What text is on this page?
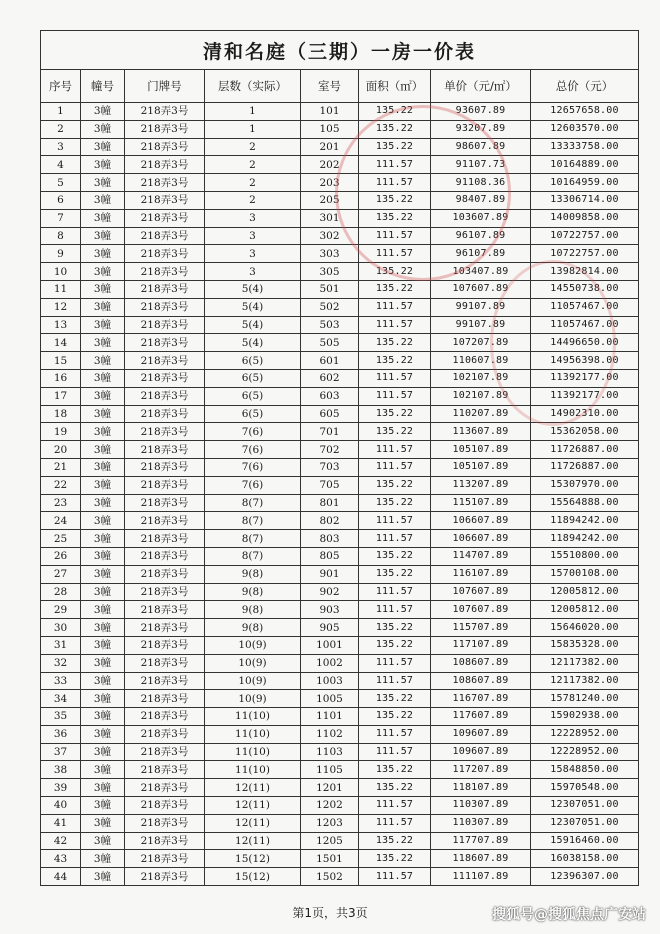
清和名庭（三期）一房一价表							
序号	幢号	门牌号	层数（实际）	室号	面积（㎡）	单价（元/㎡）	总价（元）
1	3幢	218弄3号	1	101	135.22	93607.89	12657658.00
2	3幢	218弄3号	1	105	135.22	93207.89	12603570.00
3	3幢	218弄3号	2	201	135.22	98607.89	13333758.00
4	3幢	218弄3号	2	202	111.57	91107.73	10164889.00
5	3幢	218弄3号	2	203	111.57	91108.36	10164959.00
6	3幢	218弄3号	2	205	135.22	98407.89	13306714.00
7	3幢	218弄3号	3	301	135.22	103607.89	14009858.00
8	3幢	218弄3号	3	302	111.57	96107.89	10722757.00
9	3幢	218弄3号	3	303	111.57	96107.89	10722757.00
10	3幢	218弄3号	3	305	135.22	103407.89	13982814.00
11	3幢	218弄3号	5(4)	501	135.22	107607.89	14550738.00
12	3幢	218弄3号	5(4)	502	111.57	99107.89	11057467.00
13	3幢	218弄3号	5(4)	503	111.57	99107.89	11057467.00
14	3幢	218弄3号	5(4)	505	135.22	107207.89	14496650.00
15	3幢	218弄3号	6(5)	601	135.22	110607.89	14956398.00
16	3幢	218弄3号	6(5)	602	111.57	102107.89	11392177.00
17	3幢	218弄3号	6(5)	603	111.57	102107.89	11392177.00
18	3幢	218弄3号	6(5)	605	135.22	110207.89	14902310.00
19	3幢	218弄3号	7(6)	701	135.22	113607.89	15362058.00
20	3幢	218弄3号	7(6)	702	111.57	105107.89	11726887.00
21	3幢	218弄3号	7(6)	703	111.57	105107.89	11726887.00
22	3幢	218弄3号	7(6)	705	135.22	113207.89	15307970.00
23	3幢	218弄3号	8(7)	801	135.22	115107.89	15564888.00
24	3幢	218弄3号	8(7)	802	111.57	106607.89	11894242.00
25	3幢	218弄3号	8(7)	803	111.57	106607.89	11894242.00
26	3幢	218弄3号	8(7)	805	135.22	114707.89	15510800.00
27	3幢	218弄3号	9(8)	901	135.22	116107.89	15700108.00
28	3幢	218弄3号	9(8)	902	111.57	107607.89	12005812.00
29	3幢	218弄3号	9(8)	903	111.57	107607.89	12005812.00
30	3幢	218弄3号	9(8)	905	135.22	115707.89	15646020.00
31	3幢	218弄3号	10(9)	1001	135.22	117107.89	15835328.00
32	3幢	218弄3号	10(9)	1002	111.57	108607.89	12117382.00
33	3幢	218弄3号	10(9)	1003	111.57	108607.89	12117382.00
34	3幢	218弄3号	10(9)	1005	135.22	116707.89	15781240.00
35	3幢	218弄3号	11(10)	1101	135.22	117607.89	15902938.00
36	3幢	218弄3号	11(10)	1102	111.57	109607.89	12228952.00
37	3幢	218弄3号	11(10)	1103	111.57	109607.89	12228952.00
38	3幢	218弄3号	11(10)	1105	135.22	117207.89	15848850.00
39	3幢	218弄3号	12(11)	1201	135.22	118107.89	15970548.00
40	3幢	218弄3号	12(11)	1202	111.57	110307.89	12307051.00
41	3幢	218弄3号	12(11)	1203	111.57	110307.89	12307051.00
42	3幢	218弄3号	12(11)	1205	135.22	117707.89	15916460.00
43	3幢	218弄3号	15(12)	1501	135.22	118607.89	16038158.00
44	3幢	218弄3号	15(12)	1502	111.57	111107.89	12396307.00
第1页，共3页	搜狐号@搜狐焦点广安站
